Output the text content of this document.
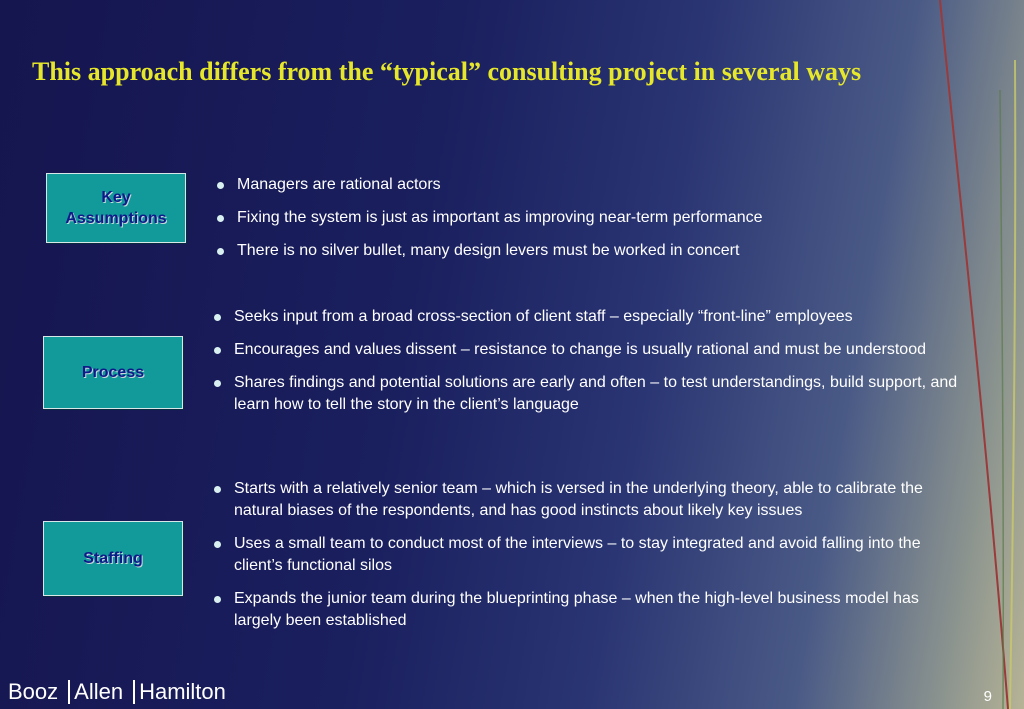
This approach differs from the “typical” consulting project in several ways
Key
Assumptions
Managers are rational actors
Fixing the system is just as important as improving near-term performance
There is no silver bullet, many design levers must be worked in concert
Process
Seeks input from a broad cross-section of client staff – especially “front-line” employees
Encourages and values dissent – resistance to change is usually rational and must be understood
Shares findings and potential solutions are early and often – to test understandings, build support, and learn how to tell the story in the client’s language
Staffing
Starts with a relatively senior team – which is versed in the underlying theory, able to calibrate the natural biases of the respondents, and has good instincts about likely key issues
Uses a small team to conduct most of the interviews – to stay integrated and avoid falling into the client’s functional silos
Expands the junior team during the blueprinting phase – when the high-level business model has largely been established
Booz Allen Hamilton	9
